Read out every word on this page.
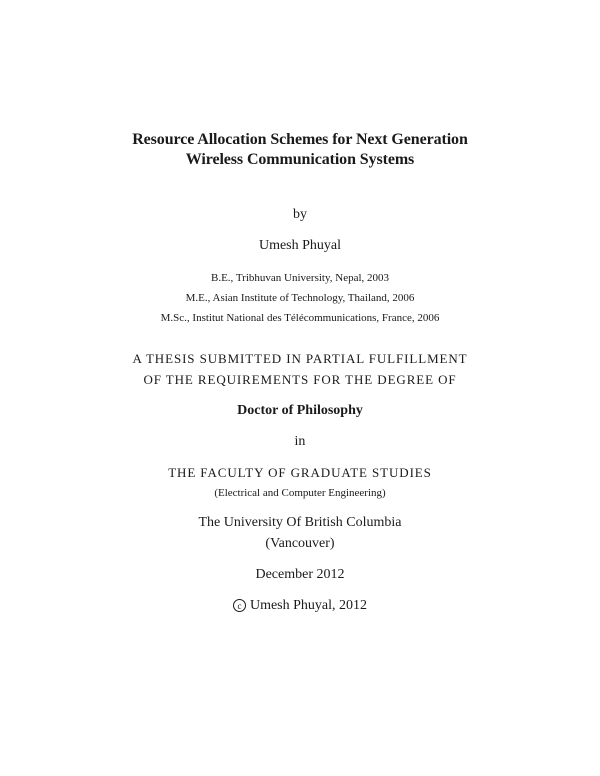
Resource Allocation Schemes for Next Generation
Wireless Communication Systems
by
Umesh Phuyal
B.E., Tribhuvan University, Nepal, 2003
M.E., Asian Institute of Technology, Thailand, 2006
M.Sc., Institut National des Télécommunications, France, 2006
A THESIS SUBMITTED IN PARTIAL FULFILLMENT
OF THE REQUIREMENTS FOR THE DEGREE OF
Doctor of Philosophy
in
THE FACULTY OF GRADUATE STUDIES
(Electrical and Computer Engineering)
The University Of British Columbia
(Vancouver)
December 2012
c Umesh Phuyal, 2012
